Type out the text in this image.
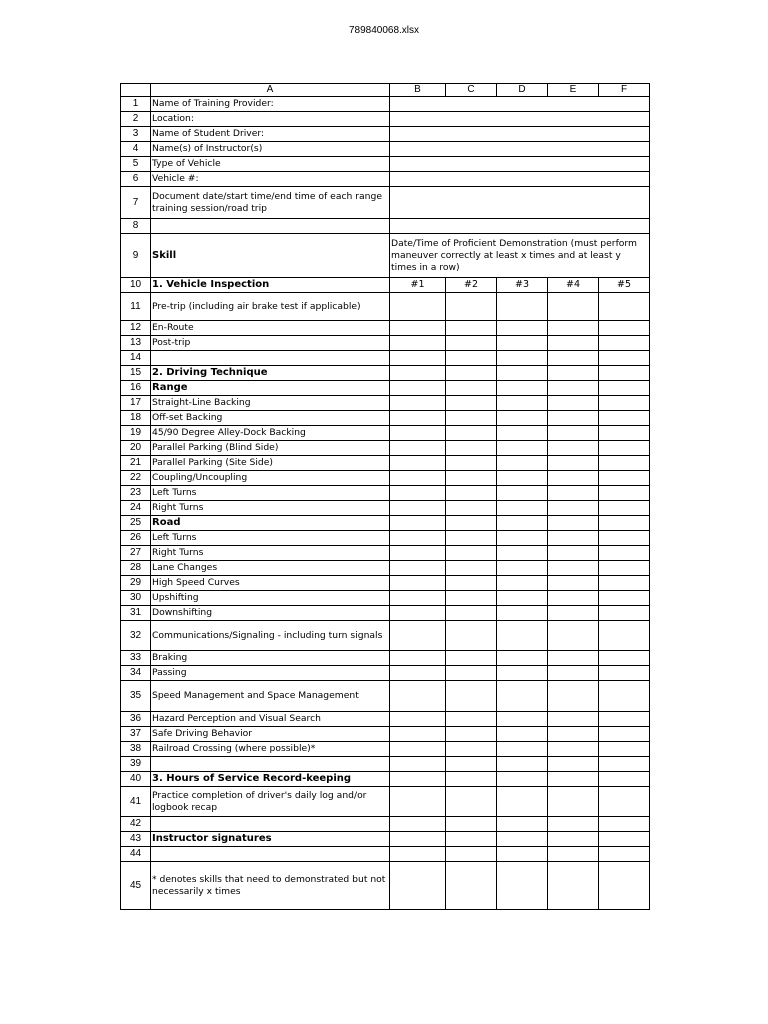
789840068.xlsx
	A	B	C	D	E	F
1	Name of Training Provider:					
2	Location:					
3	Name of Student Driver:					
4	Name(s) of Instructor(s)					
5	Type of Vehicle					
6	Vehicle #:					
7	Document date/start time/end time of each range training session/road trip					
8						
9	Skill	Date/Time of Proficient Demonstration (must perform maneuver correctly at least x times and at least y times in a row)				
10	1. Vehicle Inspection	#1	#2	#3	#4	#5
11	Pre-trip (including air brake test if applicable)					
12	En-Route					
13	Post-trip					
14						
15	2. Driving Technique					
16	Range					
17	Straight-Line Backing					
18	Off-set Backing					
19	45/90 Degree Alley-Dock Backing					
20	Parallel Parking (Blind Side)					
21	Parallel Parking (Site Side)					
22	Coupling/Uncoupling					
23	Left Turns					
24	Right Turns					
25	Road					
26	Left Turns					
27	Right Turns					
28	Lane Changes					
29	High Speed Curves					
30	Upshifting					
31	Downshifting					
32	Communications/Signaling - including turn signals					
33	Braking					
34	Passing					
35	Speed Management and Space Management					
36	Hazard Perception and Visual Search					
37	Safe Driving Behavior					
38	Railroad Crossing (where possible)*					
39						
40	3. Hours of Service Record-keeping					
41	Practice completion of driver's daily log and/or logbook recap					
42						
43	Instructor signatures					
44						
45	* denotes skills that need to demonstrated but not necessarily x times					
